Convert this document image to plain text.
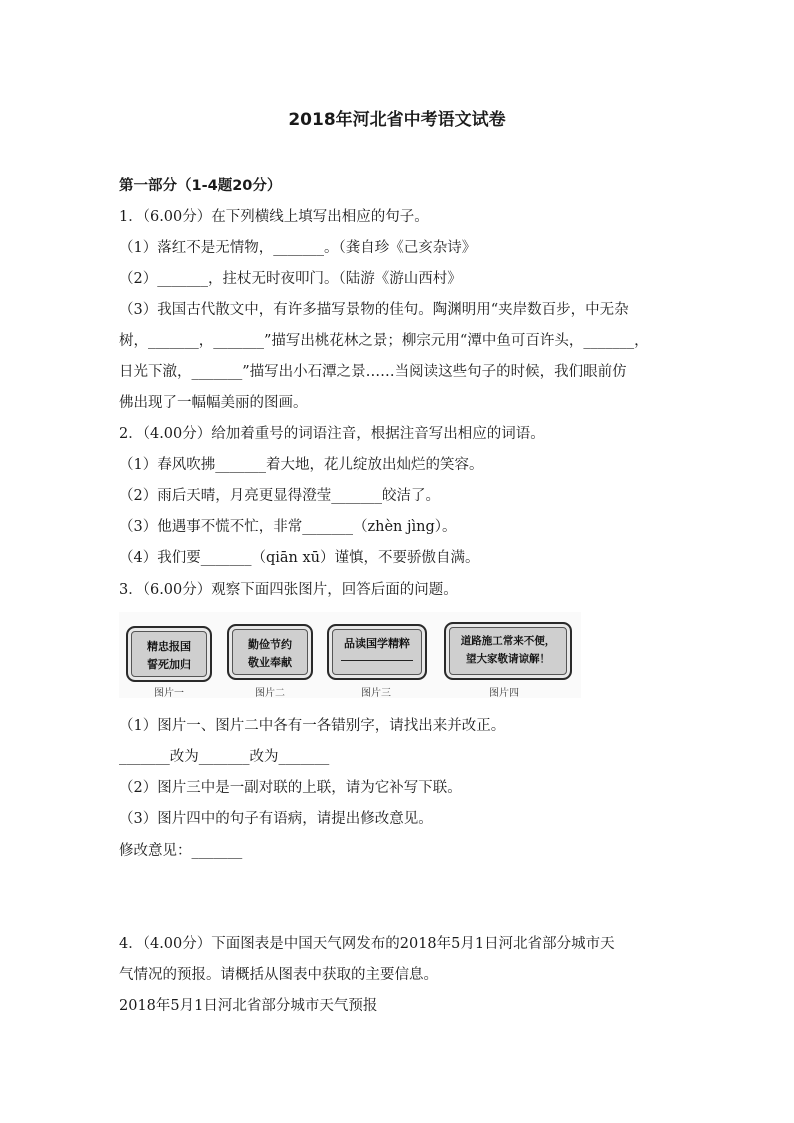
2018年河北省中考语文试卷
第一部分（1-4题20分）
1．（6.00分）在下列横线上填写出相应的句子。
（1）落红不是无情物，_______。（龚自珍《己亥杂诗》
（2）_______，拄杖无时夜叩门。（陆游《游山西村》
（3）我国古代散文中，有许多描写景物的佳句。陶渊明用“夹岸数百步，中无杂
树，_______，_______”描写出桃花林之景；柳宗元用“潭中鱼可百许头，_______，
日光下澈，_______”描写出小石潭之景……当阅读这些句子的时候，我们眼前仿
佛出现了一幅幅美丽的图画。
2．（4.00分）给加着重号的词语注音，根据注音写出相应的词语。
（1）春风吹拂_______着大地，花儿绽放出灿烂的笑容。
（2）雨后天晴，月亮更显得澄莹_______皎洁了。
（3）他遇事不慌不忙，非常_______（zhèn jìng）。
（4）我们要_______（qiān xū）谨慎，不要骄傲自满。
3．（6.00分）观察下面四张图片，回答后面的问题。
精忠报国
誓死加归
图片一
勤俭节约
敬业奉献
图片二
品读国学精粹
图片三
道路施工常来不便，
望大家敬请谅解！
图片四
（1）图片一、图片二中各有一各错别字，请找出来并改正。
_______改为_______改为_______
（2）图片三中是一副对联的上联，请为它补写下联。
（3）图片四中的句子有语病，请提出修改意见。
修改意见：_______
4．（4.00分）下面图表是中国天气网发布的2018年5月1日河北省部分城市天
气情况的预报。请概括从图表中获取的主要信息。
2018年5月1日河北省部分城市天气预报
